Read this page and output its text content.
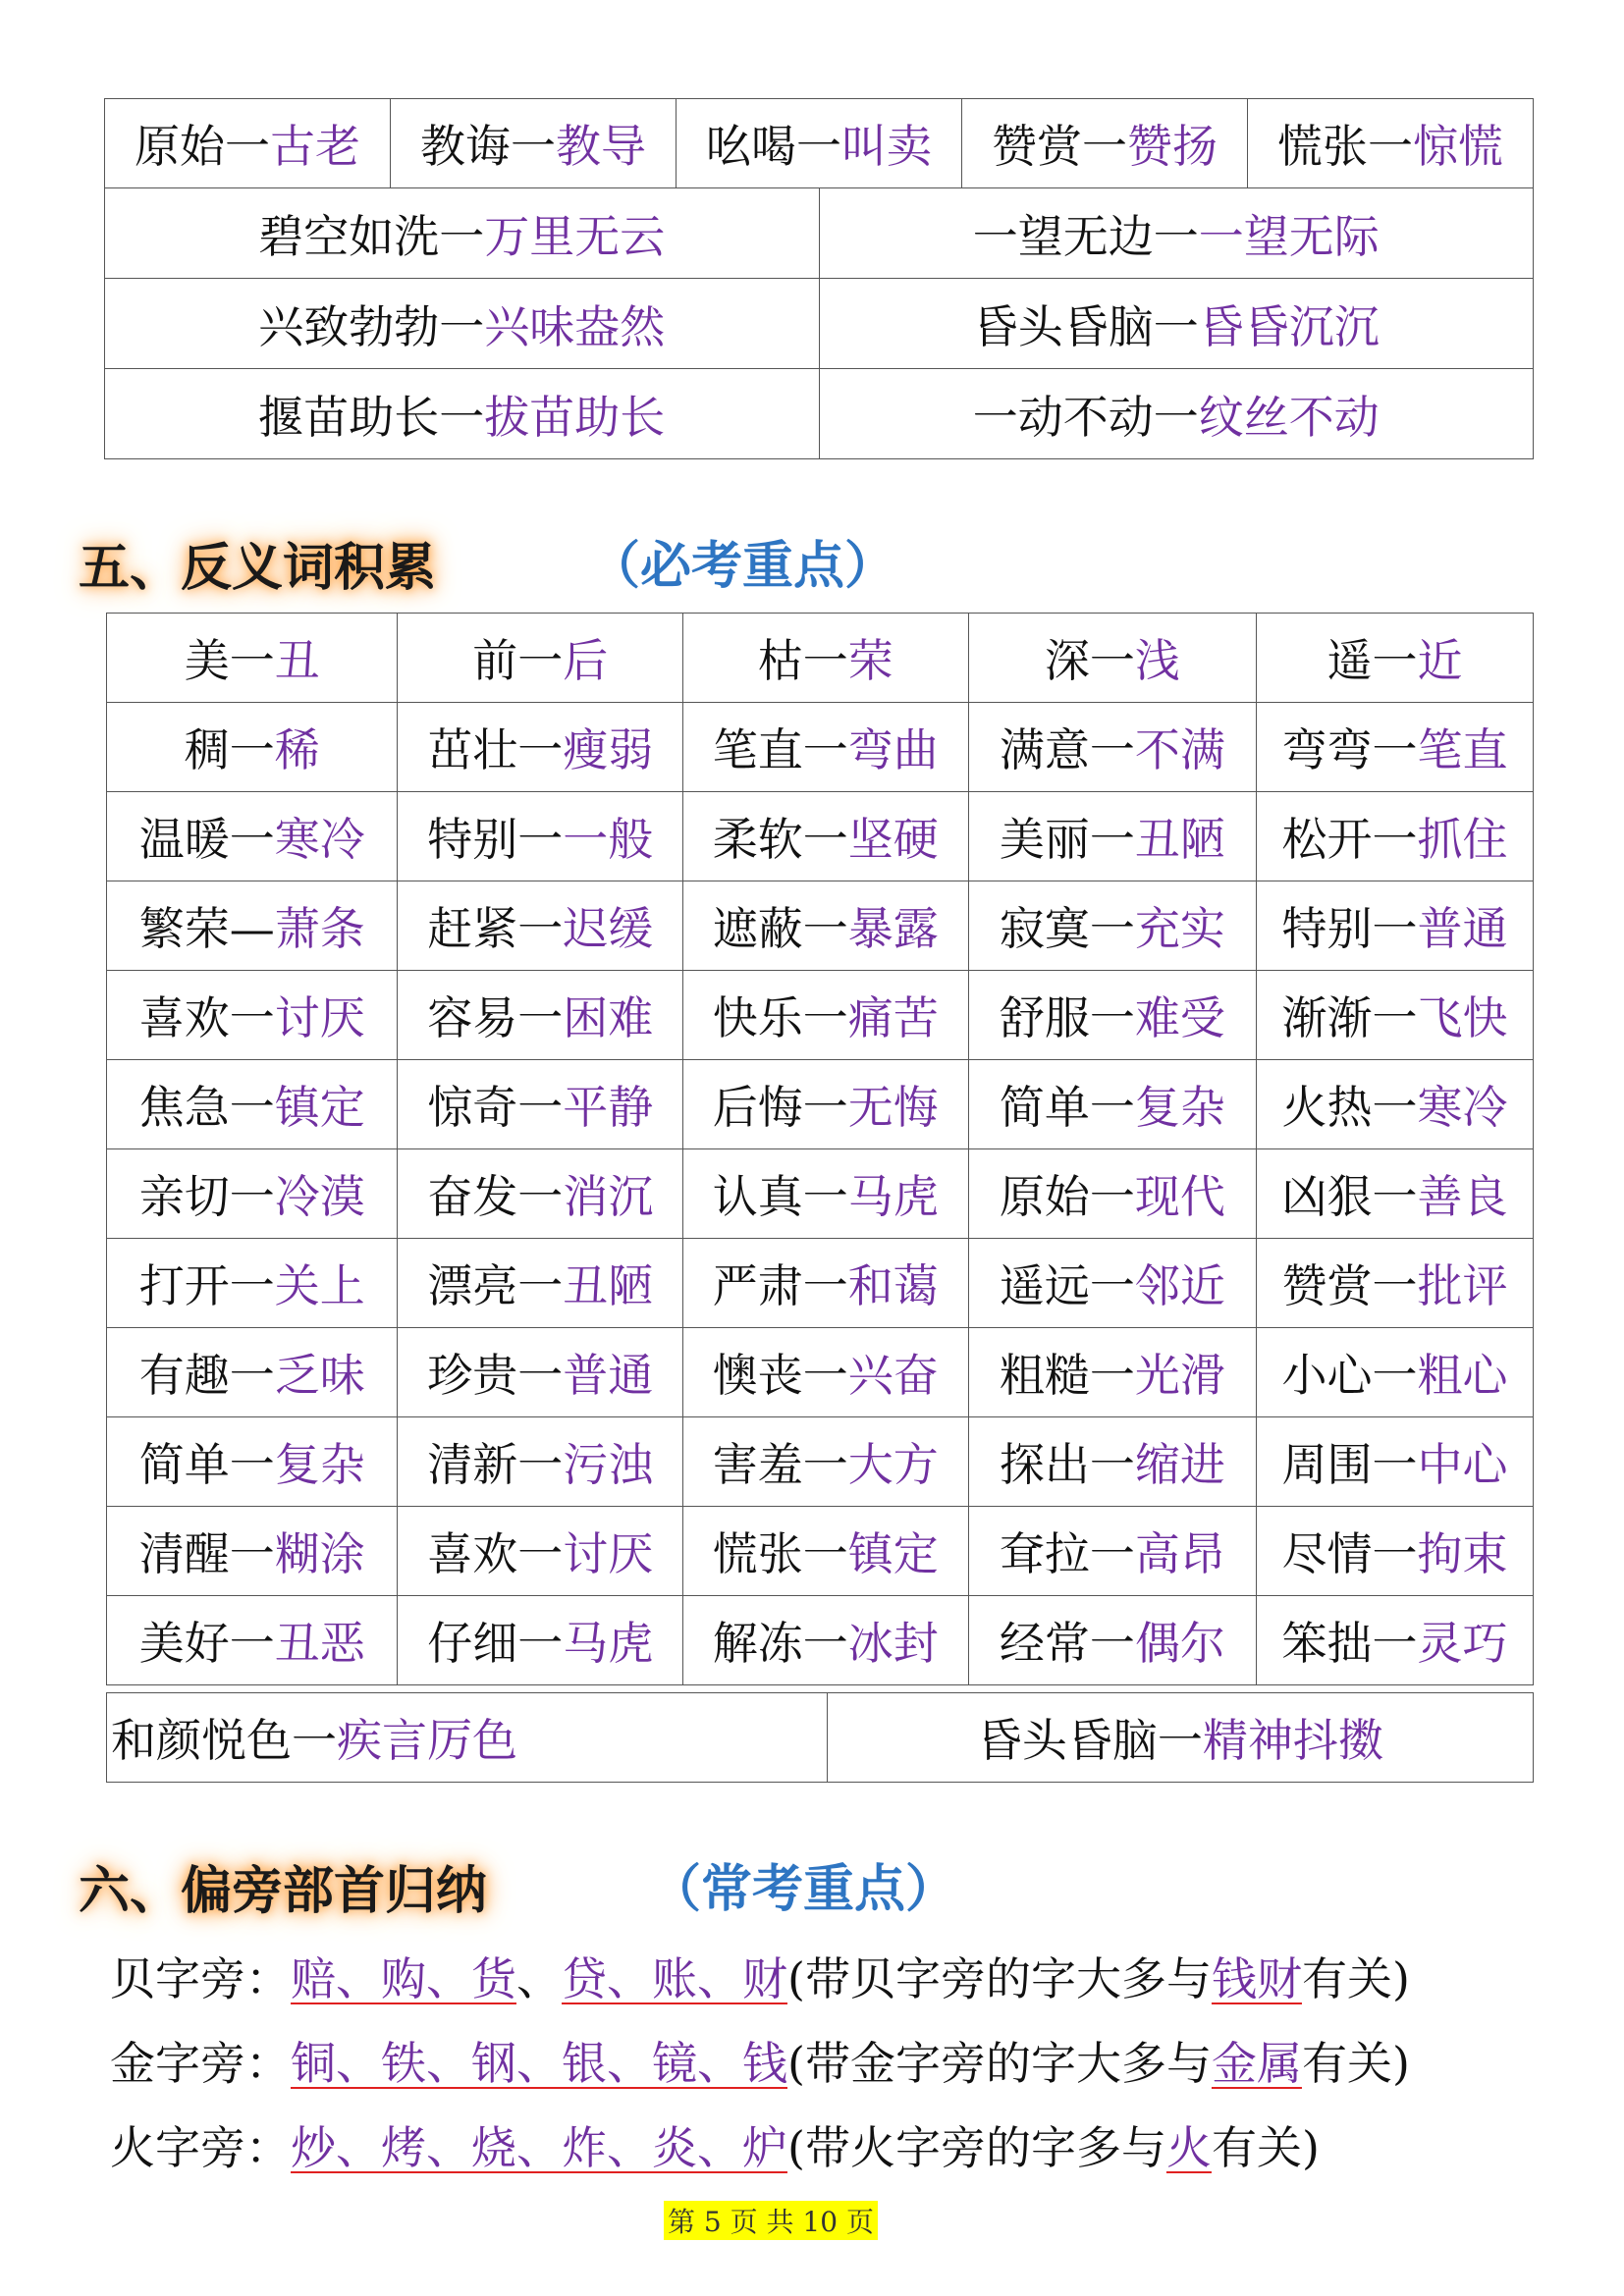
原始一古老	教诲一教导	吆喝一叫卖	赞赏一赞扬	慌张一惊慌
碧空如洗一万里无云	一望无边一一望无际
兴致勃勃一兴味盎然	昏头昏脑一昏昏沉沉
揠苗助长一拔苗助长	一动不动一纹丝不动
五、反义词积累	（必考重点）
美一丑	前一后	枯一荣	深一浅	遥一近
稠一稀	茁壮一瘦弱	笔直一弯曲	满意一不满	弯弯一笔直
温暖一寒冷	特别一一般	柔软一坚硬	美丽一丑陋	松开一抓住
繁荣—萧条	赶紧一迟缓	遮蔽一暴露	寂寞一充实	特别一普通
喜欢一讨厌	容易一困难	快乐一痛苦	舒服一难受	渐渐一飞快
焦急一镇定	惊奇一平静	后悔一无悔	简单一复杂	火热一寒冷
亲切一冷漠	奋发一消沉	认真一马虎	原始一现代	凶狠一善良
打开一关上	漂亮一丑陋	严肃一和蔼	遥远一邻近	赞赏一批评
有趣一乏味	珍贵一普通	懊丧一兴奋	粗糙一光滑	小心一粗心
简单一复杂	清新一污浊	害羞一大方	探出一缩进	周围一中心
清醒一糊涂	喜欢一讨厌	慌张一镇定	耷拉一高昂	尽情一拘束
美好一丑恶	仔细一马虎	解冻一冰封	经常一偶尔	笨拙一灵巧
和颜悦色一疾言厉色	昏头昏脑一精神抖擞
六、偏旁部首归纳	（常考重点）
贝字旁：赔、购、货、贷、账、财(带贝字旁的字大多与钱财有关)
金字旁：铜、铁、钢、银、镜、钱(带金字旁的字大多与金属有关)
火字旁：炒、烤、烧、炸、炎、炉(带火字旁的字多与火有关)
第 5 页 共 10 页
